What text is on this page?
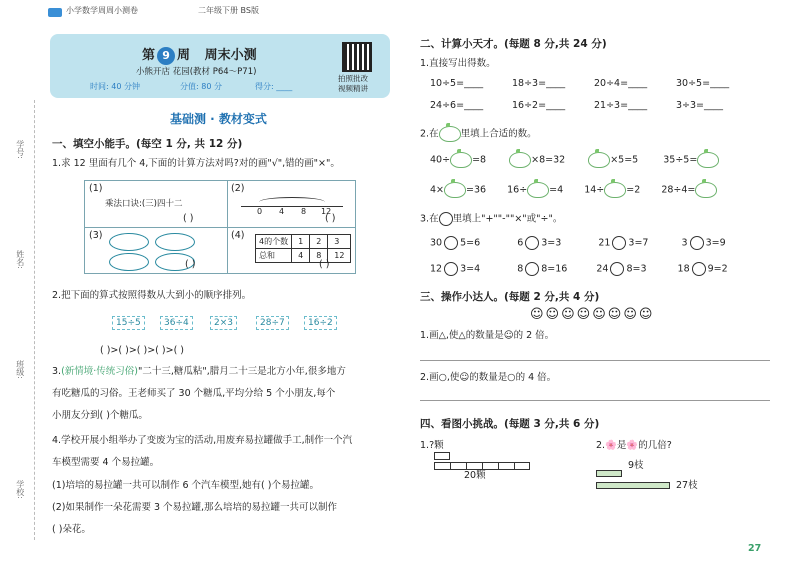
小学数学周周小测卷	二年级下册 BS版
学号:
姓名:
班级:
学校:
第 9 周 周末小测
小熊开店 花园(教材 P64～P71)
时间: 40 分钟	分值: 80 分	得分: ____
拍照批改
视频精讲
基础测 · 教材变式
一、填空小能手。(每空 1 分, 共 12 分)
1.求 12 里面有几个 4,下面的计算方法对吗?对的画"√",错的画"×"。
(1)
乘法口诀:(三)四十二
( )
(2)
0 4 8 12
( )
(3)
( )
(4)
4的个数	1	2	3
总和	4	8	12
( )
2.把下面的算式按照得数从大到小的顺序排列。
15÷5	36÷4	2×3	28÷7	16÷2
( )>( )>( )>( )>( )
3.(新情境·传统习俗)"二十三,糖瓜粘",腊月二十三是北方小年,很多地方
有吃糖瓜的习俗。王老师买了 30 个糖瓜,平均分给 5 个小朋友,每个
小朋友分到( )个糖瓜。
4.学校开展小组举办了变废为宝的活动,用废弃易拉罐做手工,制作一个汽
车模型需要 4 个易拉罐。
(1)培培的易拉罐一共可以制作 6 个汽车模型,她有( )个易拉罐。
(2)如果制作一朵花需要 3 个易拉罐,那么培培的易拉罐一共可以制作
( )朵花。
二、计算小天才。(每题 8 分,共 24 分)
1.直接写出得数。
10÷5=____	18÷3=____	20÷4=____	30÷5=____
24÷6=____	16÷2=____	21÷3=____	3÷3=____
2.在 里填上合适的数。
40÷ =8	×8=32	×5=5	35÷5=
4× =36 16÷ =4 14÷ =2 28÷4=
3.在 里填上"+""-""×"或"÷"。
30 5=6	6 3=3	21 3=7	3 3=9
12 3=4	8 8=16	24 8=3	18 9=2
三、操作小达人。(每题 2 分,共 4 分)
☺☺☺☺☺☺☺☺
1.画△,使△的数量是☺的 2 倍。
2.画○,使☺的数量是○的 4 倍。
四、看图小挑战。(每题 3 分,共 6 分)
1.?颗
20颗
2.🌸是🌸的几倍?
9枝
27枝
27
